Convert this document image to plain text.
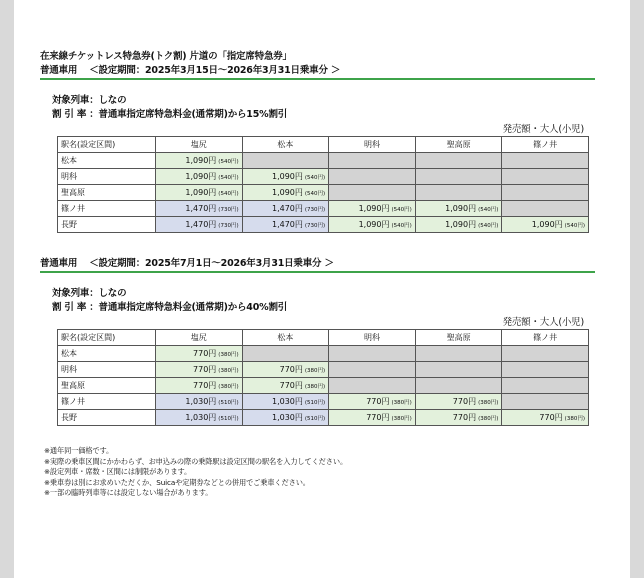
在来線チケットレス特急券(トク割) 片道の「指定席特急券」
普通車用 ＜設定期間：2025年3月15日～2026年3月31日乗車分 ＞
対象列車：しなの
割 引 率 ：普通車指定席特急料金(通常期)から15%割引
発売額・大人(小児)
駅名(設定区間)	塩尻	松本	明科	聖高原	篠ノ井
松本	1,090円 (540円)				
明科	1,090円 (540円)	1,090円 (540円)			
聖高原	1,090円 (540円)	1,090円 (540円)			
篠ノ井	1,470円 (730円)	1,470円 (730円)	1,090円 (540円)	1,090円 (540円)	
長野	1,470円 (730円)	1,470円 (730円)	1,090円 (540円)	1,090円 (540円)	1,090円 (540円)
普通車用 ＜設定期間：2025年7月1日～2026年3月31日乗車分 ＞
対象列車：しなの
割 引 率 ：普通車指定席特急料金(通常期)から40%割引
発売額・大人(小児)
駅名(設定区間)	塩尻	松本	明科	聖高原	篠ノ井
松本	770円 (380円)				
明科	770円 (380円)	770円 (380円)			
聖高原	770円 (380円)	770円 (380円)			
篠ノ井	1,030円 (510円)	1,030円 (510円)	770円 (380円)	770円 (380円)	
長野	1,030円 (510円)	1,030円 (510円)	770円 (380円)	770円 (380円)	770円 (380円)
※通年同一価格です。
※実際の乗車区間にかかわらず、お申込みの際の乗降駅は設定区間の駅名を入力してください。
※設定列車・席数・区間には制限があります。
※乗車券は別にお求めいただくか、Suicaや定期券などとの併用でご乗車ください。
※一部の臨時列車等には設定しない場合があります。
